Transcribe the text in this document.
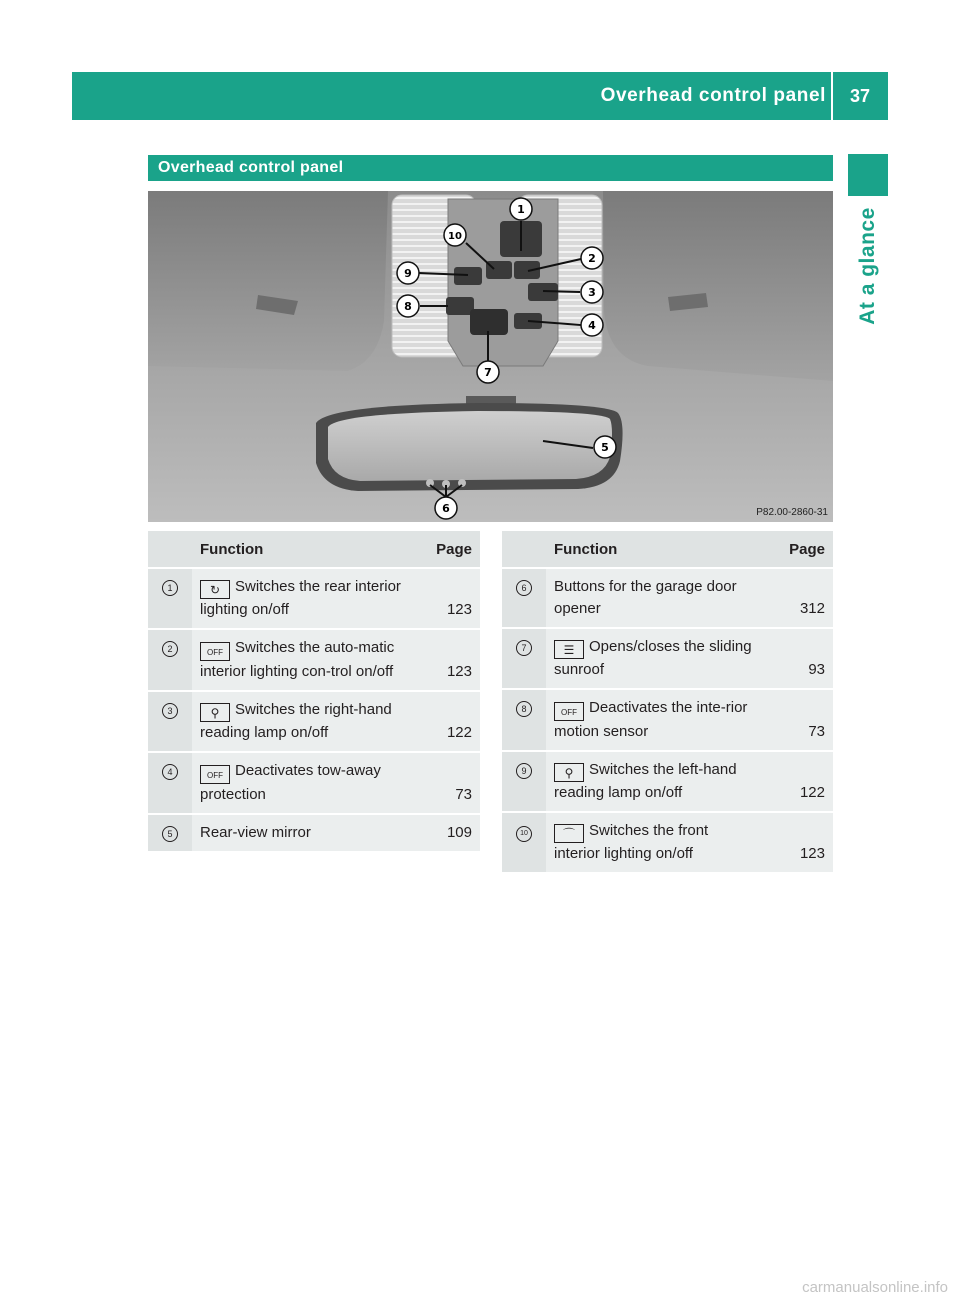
Overhead control panel 37
At a glance
Overhead control panel
1
2
3
4
5
6
7
8
9
10
P82.00-2860-31
	Function	Page
1	↻ Switches the rear interior lighting on/off	123
2	OFF Switches the auto-matic interior lighting con-trol on/off	123
3	⚲ Switches the right-hand reading lamp on/off	122
4	OFF Deactivates tow-away protection	73
5	Rear-view mirror	109
	Function	Page
6	Buttons for the garage door opener	312
7	☰ Opens/closes the sliding sunroof	93
8	OFF Deactivates the inte-rior motion sensor	73
9	⚲ Switches the left-hand reading lamp on/off	122
10	⌒ Switches the front interior lighting on/off	123
carmanualsonline.info
